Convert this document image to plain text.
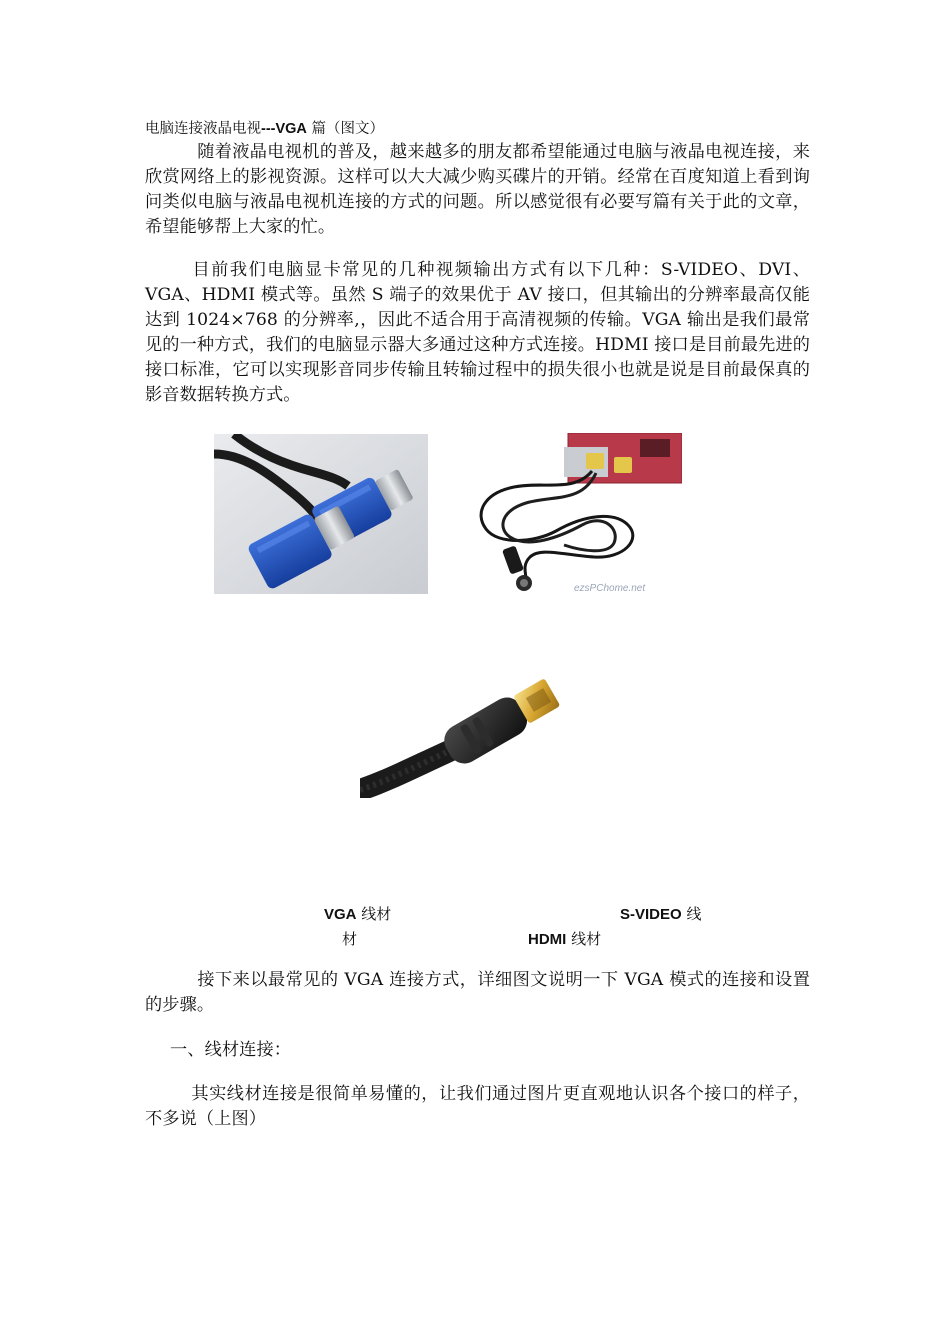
电脑连接液晶电视---VGA 篇（图文）

随着液晶电视机的普及，越来越多的朋友都希望能通过电脑与液晶电视连接，来欣赏网络上的影视资源。这样可以大大减少购买碟片的开销。经常在百度知道上看到询问类似电脑与液晶电视机连接的方式的问题。所以感觉很有必要写篇有关于此的文章，希望能够帮上大家的忙。

目前我们电脑显卡常见的几种视频输出方式有以下几种：S-VIDEO、DVI、VGA、HDMI 模式等。虽然 S 端子的效果优于 AV 接口，但其输出的分辨率最高仅能达到 1024×768 的分辨率,，因此不适合用于高清视频的传输。VGA 输出是我们最常见的一种方式，我们的电脑显示器大多通过这种方式连接。HDMI 接口是目前最先进的接口标准，它可以实现影音同步传输且转输过程中的损失很小也就是说是目前最保真的影音数据转换方式。

ezsPChome.net
VGA 线材	S-VIDEO 线
材	HDMI 线材

接下来以最常见的 VGA 连接方式，详细图文说明一下 VGA 模式的连接和设置的步骤。

一、线材连接：

其实线材连接是很简单易懂的，让我们通过图片更直观地认识各个接口的样子，不多说（上图）
